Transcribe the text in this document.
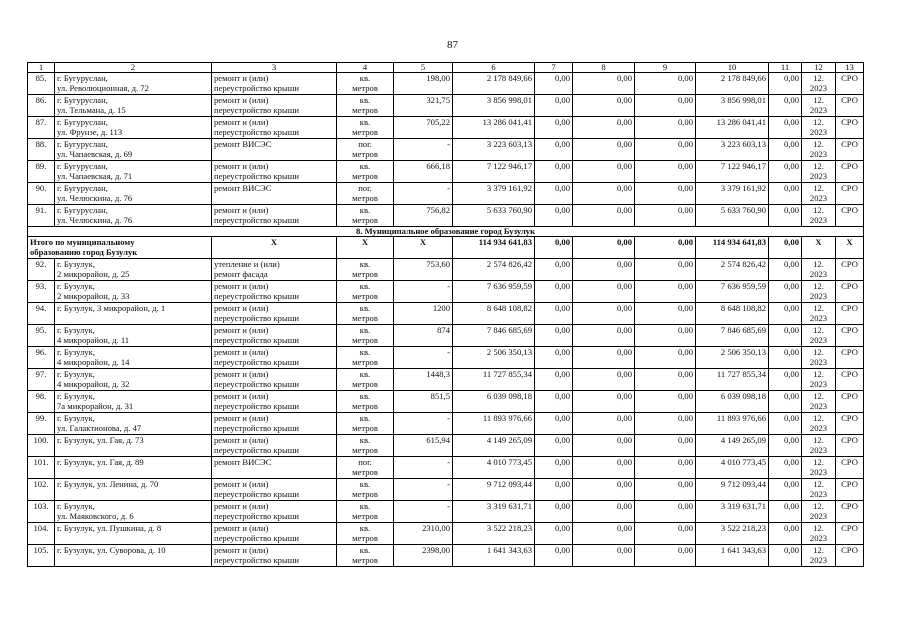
87
1	2	3	4	5	6	7	8	9	10	11	12	13

85.	г. Бугуруслан,
ул. Революционная, д. 72	ремонт и (или)
переустройство крыши	кв.
метров	198,00	2 178 849,66	0,00	0,00	0,00	2 178 849,66	0,00	12.
2023	СРО

86.	г. Бугуруслан,
ул. Тельмана, д. 15	ремонт и (или)
переустройство крыши	кв.
метров	321,75	3 856 998,01	0,00	0,00	0,00	3 856 998,01	0,00	12.
2023	СРО

87.	г. Бугуруслан,
ул. Фрунзе, д. 113	ремонт и (или)
переустройство крыши	кв.
метров	705,22	13 286 041,41	0,00	0,00	0,00	13 286 041,41	0,00	12.
2023	СРО

88.	г. Бугуруслан,
ул. Чапаевская, д. 69	ремонт ВИСЭС	пог.
метров	-	3 223 603,13	0,00	0,00	0,00	3 223 603,13	0,00	12.
2023	СРО

89.	г. Бугуруслан,
ул. Чапаевская, д. 71	ремонт и (или)
переустройство крыши	кв.
метров	666,18	7 122 946,17	0,00	0,00	0,00	7 122 946,17	0,00	12.
2023	СРО

90.	г. Бугуруслан,
ул. Челюскина, д. 76	ремонт ВИСЭС	пог.
метров	-	3 379 161,92	0,00	0,00	0,00	3 379 161,92	0,00	12.
2023	СРО

91.	г. Бугуруслан,
ул. Челюскина, д. 76	ремонт и (или)
переустройство крыши	кв.
метров	756,82	5 633 760,90	0,00	0,00	0,00	5 633 760,90	0,00	12.
2023	СРО

8. Муниципальное образование город Бузулук												

Итого по муниципальному
образованию город Бузулук		X	X	X	114 934 641,83	0,00	0,00	0,00	114 934 641,83	0,00	X	X

92.	г. Бузулук,
2 микрорайон, д. 25	утепление и (или)
ремонт фасада	кв.
метров	753,60	2 574 826,42	0,00	0,00	0,00	2 574 826,42	0,00	12.
2023	СРО

93.	г. Бузулук,
2 микрорайон, д. 33	ремонт и (или)
переустройство крыши	кв.
метров	-	7 636 959,59	0,00	0,00	0,00	7 636 959,59	0,00	12.
2023	СРО

94.	г. Бузулук, 3 микрорайон, д. 1	ремонт и (или)
переустройство крыши	кв.
метров	1200	8 648 108,82	0,00	0,00	0,00	8 648 108,82	0,00	12.
2023	СРО

95.	г. Бузулук,
4 микрорайон, д. 11	ремонт и (или)
переустройство крыши	кв.
метров	874	7 846 685,69	0,00	0,00	0,00	7 846 685,69	0,00	12.
2023	СРО

96.	г. Бузулук,
4 микрорайон, д. 14	ремонт и (или)
переустройство крыши	кв.
метров	-	2 506 350,13	0,00	0,00	0,00	2 506 350,13	0,00	12.
2023	СРО

97.	г. Бузулук,
4 микрорайон, д. 32	ремонт и (или)
переустройство крыши	кв.
метров	1448,3	11 727 855,34	0,00	0,00	0,00	11 727 855,34	0,00	12.
2023	СРО

98.	г. Бузулук,
7а микрорайон, д. 31	ремонт и (или)
переустройство крыши	кв.
метров	851,5	6 039 098,18	0,00	0,00	0,00	6 039 098,18	0,00	12.
2023	СРО

99.	г. Бузулук,
ул. Галактионова, д. 47	ремонт и (или)
переустройство крыши	кв.
метров	-	11 893 976,66	0,00	0,00	0,00	11 893 976,66	0,00	12.
2023	СРО

100.	г. Бузулук, ул. Гая, д. 73	ремонт и (или)
переустройство крыши	кв.
метров	615,94	4 149 265,09	0,00	0,00	0,00	4 149 265,09	0,00	12.
2023	СРО

101.	г. Бузулук, ул. Гая, д. 89	ремонт ВИСЭС	пог.
метров	-	4 010 773,45	0,00	0,00	0,00	4 010 773,45	0,00	12.
2023	СРО

102.	г. Бузулук, ул. Ленина, д. 70	ремонт и (или)
переустройство крыши	кв.
метров	-	9 712 093,44	0,00	0,00	0,00	9 712 093,44	0,00	12.
2023	СРО

103.	г. Бузулук,
ул. Маяковского, д. 6	ремонт и (или)
переустройство крыши	кв.
метров	-	3 319 631,71	0,00	0,00	0,00	3 319 631,71	0,00	12.
2023	СРО

104.	г. Бузулук, ул. Пушкина, д. 8	ремонт и (или)
переустройство крыши	кв.
метров	2310,00	3 522 218,23	0,00	0,00	0,00	3 522 218,23	0,00	12.
2023	СРО

105.	г. Бузулук, ул. Суворова, д. 10	ремонт и (или)
переустройство крыши	кв.
метров	2398,00	1 641 343,63	0,00	0,00	0,00	1 641 343,63	0,00	12.
2023	СРО
